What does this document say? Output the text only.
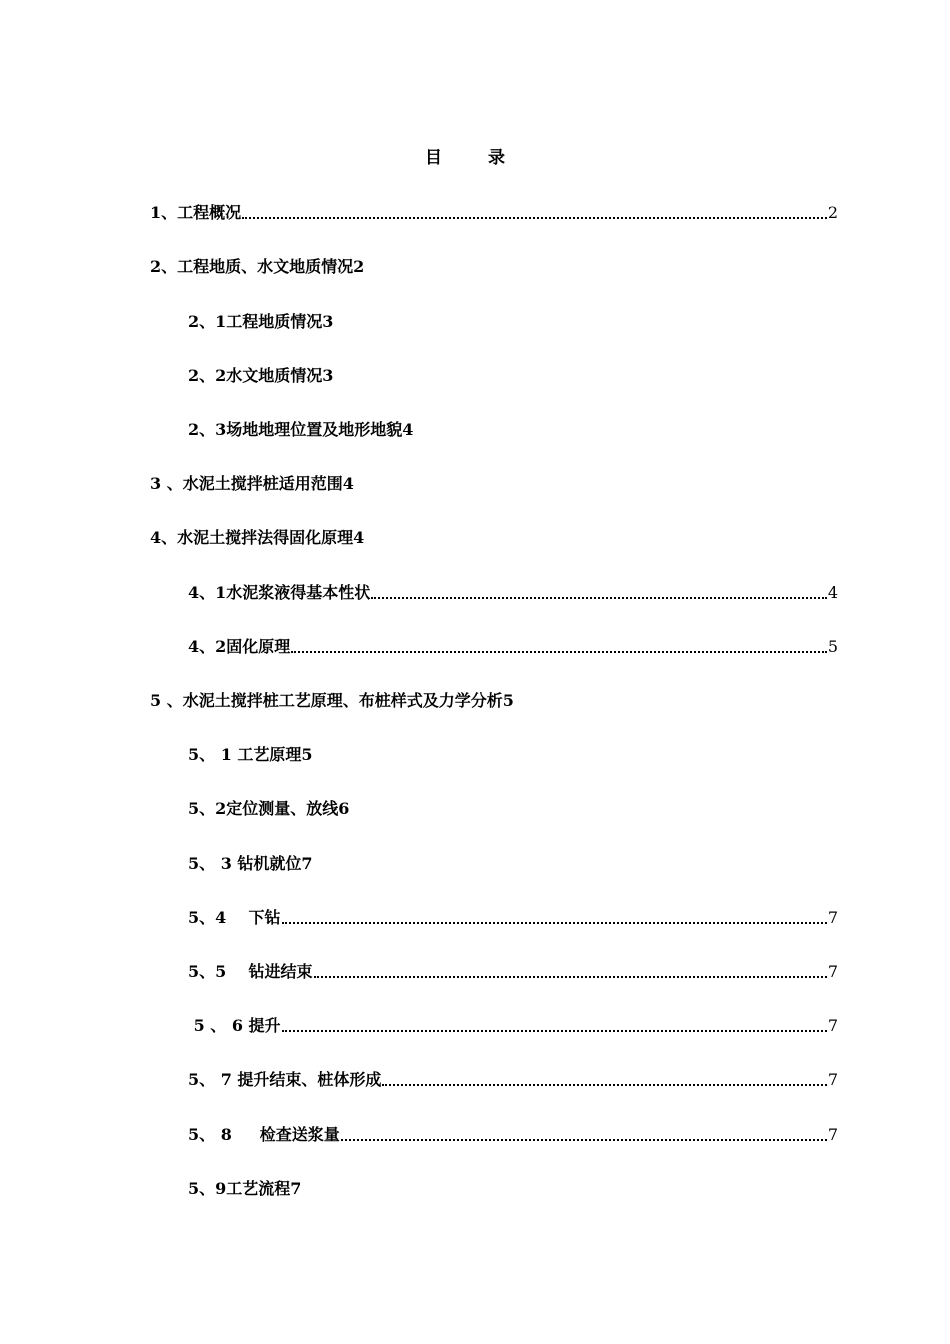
目 录
1、工程概况	2
2、工程地质、水文地质情况2
2、1工程地质情况3
2、2水文地质情况3
2、3场地地理位置及地形地貌4
3 、水泥土搅拌桩适用范围4
4、水泥土搅拌法得固化原理4
4、1水泥浆液得基本性状	4
4、2固化原理	5
5 、水泥土搅拌桩工艺原理、布桩样式及力学分析5
5、 1 工艺原理5
5、2定位测量、放线6
5、 3 钻机就位7
5、4    下钻	7
5、5    钻进结束	7
5 、 6 提升	7
5、 7 提升结束、桩体形成	7
5、 8     检查送浆量	7
5、9工艺流程7
